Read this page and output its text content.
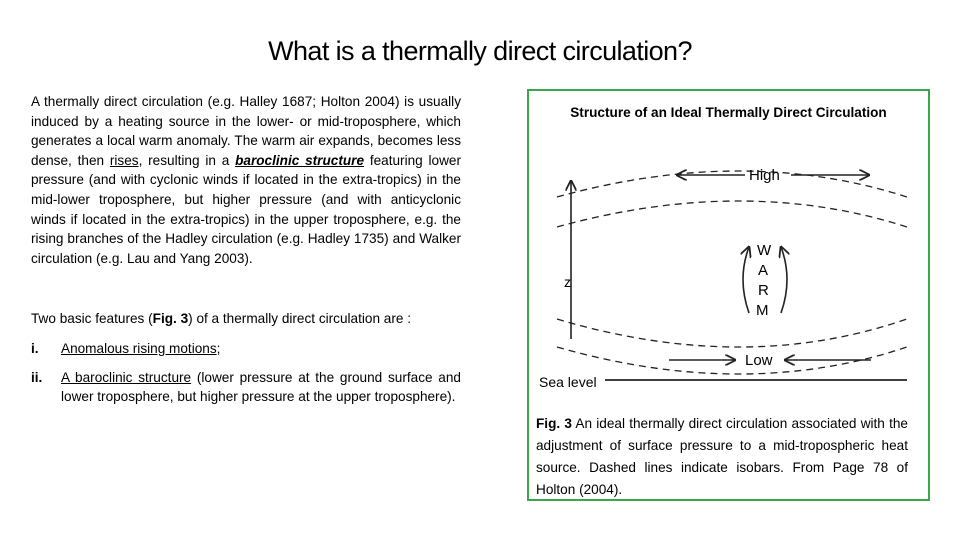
What is a thermally direct circulation?

A thermally direct circulation (e.g. Halley 1687; Holton 2004) is usually induced by a heating source in the lower- or mid-troposphere, which generates a local warm anomaly. The warm air expands, becomes less dense, then rises, resulting in a baroclinic structure featuring lower pressure (and with cyclonic winds if located in the extra-tropics) in the mid-lower troposphere, but higher pressure (and with anticyclonic winds if located in the extra-tropics) in the upper troposphere, e.g. the rising branches of the Hadley circulation (e.g. Hadley 1735) and Walker circulation (e.g. Lau and Yang 2003).

Two basic features (Fig. 3) of a thermally direct circulation are :

i.	Anomalous rising motions;
ii.	A baroclinic structure (lower pressure at the ground surface and lower troposphere, but higher pressure at the upper troposphere).
Structure of an Ideal Thermally Direct Circulation
z
High
W
A
R
M
Low
Sea level
Fig. 3 An ideal thermally direct circulation associated with the adjustment of surface pressure to a mid-tropospheric heat source. Dashed lines indicate isobars. From Page 78 of Holton (2004).
